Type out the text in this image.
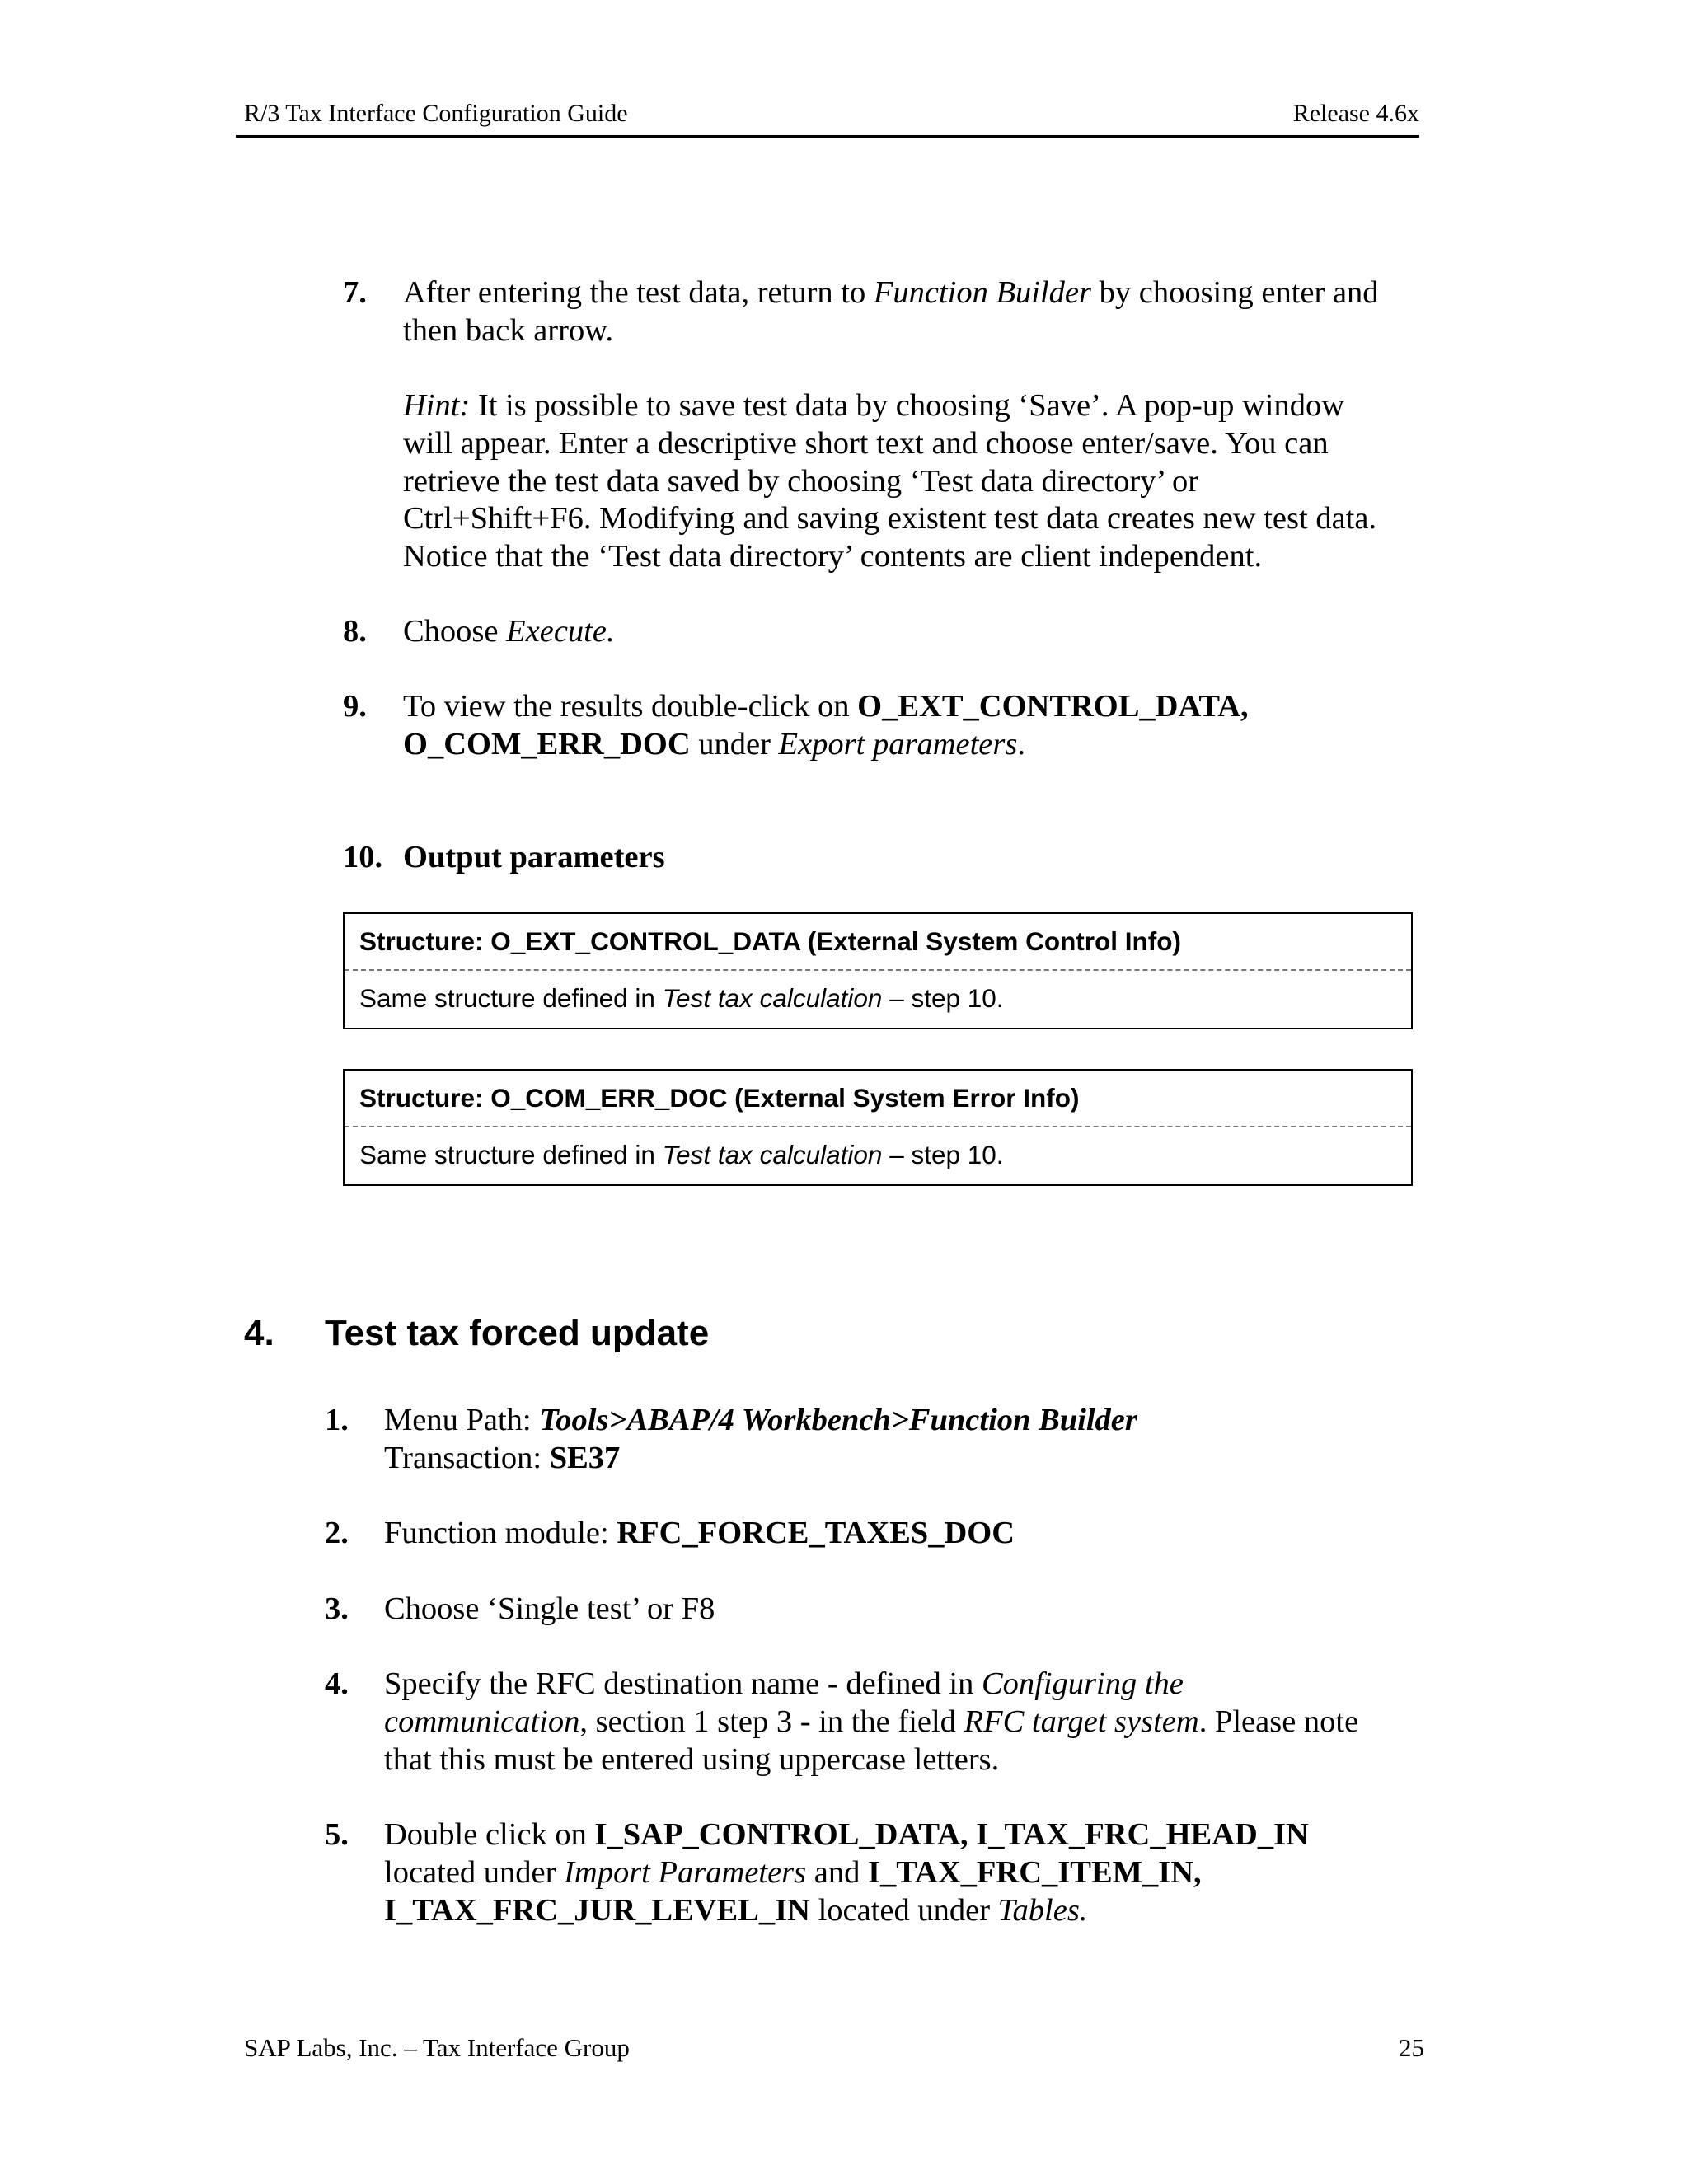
R/3 Tax Interface Configuration Guide	Release 4.6x
7. After entering the test data, return to Function Builder by choosing enter and
then back arrow.
Hint: It is possible to save test data by choosing ‘Save’. A pop-up window
will appear. Enter a descriptive short text and choose enter/save. You can
retrieve the test data saved by choosing ‘Test data directory’ or
Ctrl+Shift+F6. Modifying and saving existent test data creates new test data.
Notice that the ‘Test data directory’ contents are client independent.
8. Choose Execute.
9. To view the results double-click on O_EXT_CONTROL_DATA,
O_COM_ERR_DOC under Export parameters.
10. Output parameters
Structure: O_EXT_CONTROL_DATA (External System Control Info)
Same structure defined in Test tax calculation – step 10.
Structure: O_COM_ERR_DOC (External System Error Info)
Same structure defined in Test tax calculation – step 10.
4. Test tax forced update
1. Menu Path: Tools>ABAP/4 Workbench>Function Builder
Transaction: SE37
2. Function module: RFC_FORCE_TAXES_DOC
3. Choose ‘Single test’ or F8
4. Specify the RFC destination name - defined in Configuring the
communication, section 1 step 3 - in the field RFC target system. Please note
that this must be entered using uppercase letters.
5. Double click on I_SAP_CONTROL_DATA, I_TAX_FRC_HEAD_IN
located under Import Parameters and I_TAX_FRC_ITEM_IN,
I_TAX_FRC_JUR_LEVEL_IN located under Tables.
SAP Labs, Inc. – Tax Interface Group	25
